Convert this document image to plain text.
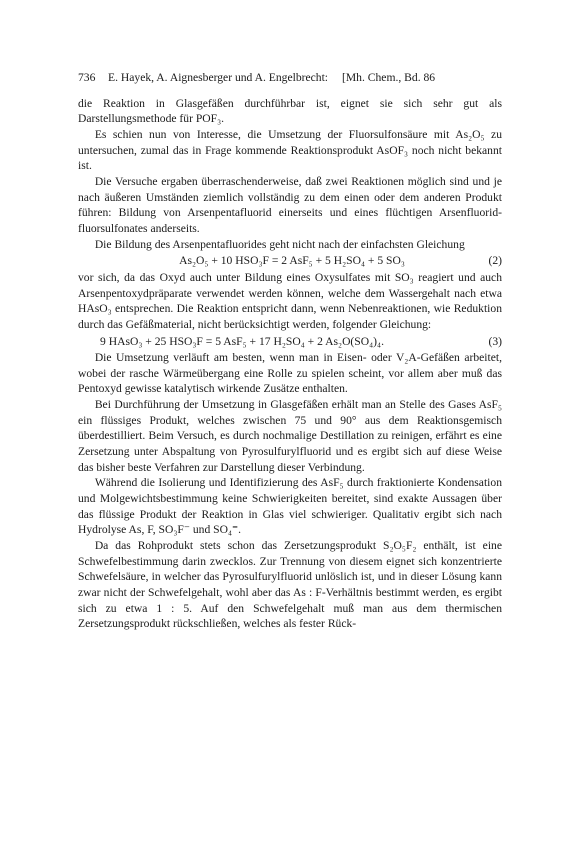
736	E. Hayek, A. Aignesberger und A. Engelbrecht: [Mh. Chem., Bd. 86

die Reaktion in Glasgefäßen durchführbar ist, eignet sie sich sehr gut als Darstellungsmethode für POF₃.

Es schien nun von Interesse, die Umsetzung der Fluorsulfonsäure mit As₂O₅ zu untersuchen, zumal das in Frage kommende Reaktionsprodukt AsOF₃ noch nicht bekannt ist.

Die Versuche ergaben überraschenderweise, daß zwei Reaktionen möglich sind und je nach äußeren Umständen ziemlich vollständig zu dem einen oder dem anderen Produkt führen: Bildung von Arsenpentafluorid einerseits und eines flüchtigen Arsenfluorid-fluorsulfonates anderseits.

Die Bildung des Arsenpentafluorides geht nicht nach der einfachsten Gleichung

As₂O₅ + 10 HSO₃F = 2 AsF₅ + 5 H₂SO₄ + 5 SO₃	(2)

vor sich, da das Oxyd auch unter Bildung eines Oxysulfates mit SO₃ reagiert und auch Arsenpentoxydpräparate verwendet werden können, welche dem Wassergehalt nach etwa HAsO₃ entsprechen. Die Reaktion entspricht dann, wenn Nebenreaktionen, wie Reduktion durch das Gefäßmaterial, nicht berücksichtigt werden, folgender Gleichung:

9 HAsO₃ + 25 HSO₃F = 5 AsF₅ + 17 H₂SO₄ + 2 As₂O(SO₄)₄.	(3)

Die Umsetzung verläuft am besten, wenn man in Eisen- oder V₂A-Gefäßen arbeitet, wobei der rasche Wärmeübergang eine Rolle zu spielen scheint, vor allem aber muß das Pentoxyd gewisse katalytisch wirkende Zusätze enthalten.

Bei Durchführung der Umsetzung in Glasgefäßen erhält man an Stelle des Gases AsF₅ ein flüssiges Produkt, welches zwischen 75 und 90° aus dem Reaktionsgemisch überdestilliert. Beim Versuch, es durch nochmalige Destillation zu reinigen, erfährt es eine Zersetzung unter Abspaltung von Pyrosulfurylfluorid und es ergibt sich auf diese Weise das bisher beste Verfahren zur Darstellung dieser Verbindung.

Während die Isolierung und Identifizierung des AsF₅ durch fraktionierte Kondensation und Molgewichtsbestimmung keine Schwierigkeiten bereitet, sind exakte Aussagen über das flüssige Produkt der Reaktion in Glas viel schwieriger. Qualitativ ergibt sich nach Hydrolyse As, F, SO₃F⁻ und SO₄⁼.

Da das Rohprodukt stets schon das Zersetzungsprodukt S₂O₅F₂ enthält, ist eine Schwefelbestimmung darin zwecklos. Zur Trennung von diesem eignet sich konzentrierte Schwefelsäure, in welcher das Pyrosulfurylfluorid unlöslich ist, und in dieser Lösung kann zwar nicht der Schwefelgehalt, wohl aber das As : F-Verhältnis bestimmt werden, es ergibt sich zu etwa 1 : 5. Auf den Schwefelgehalt muß man aus dem thermischen Zersetzungsprodukt rückschließen, welches als fester Rück-
